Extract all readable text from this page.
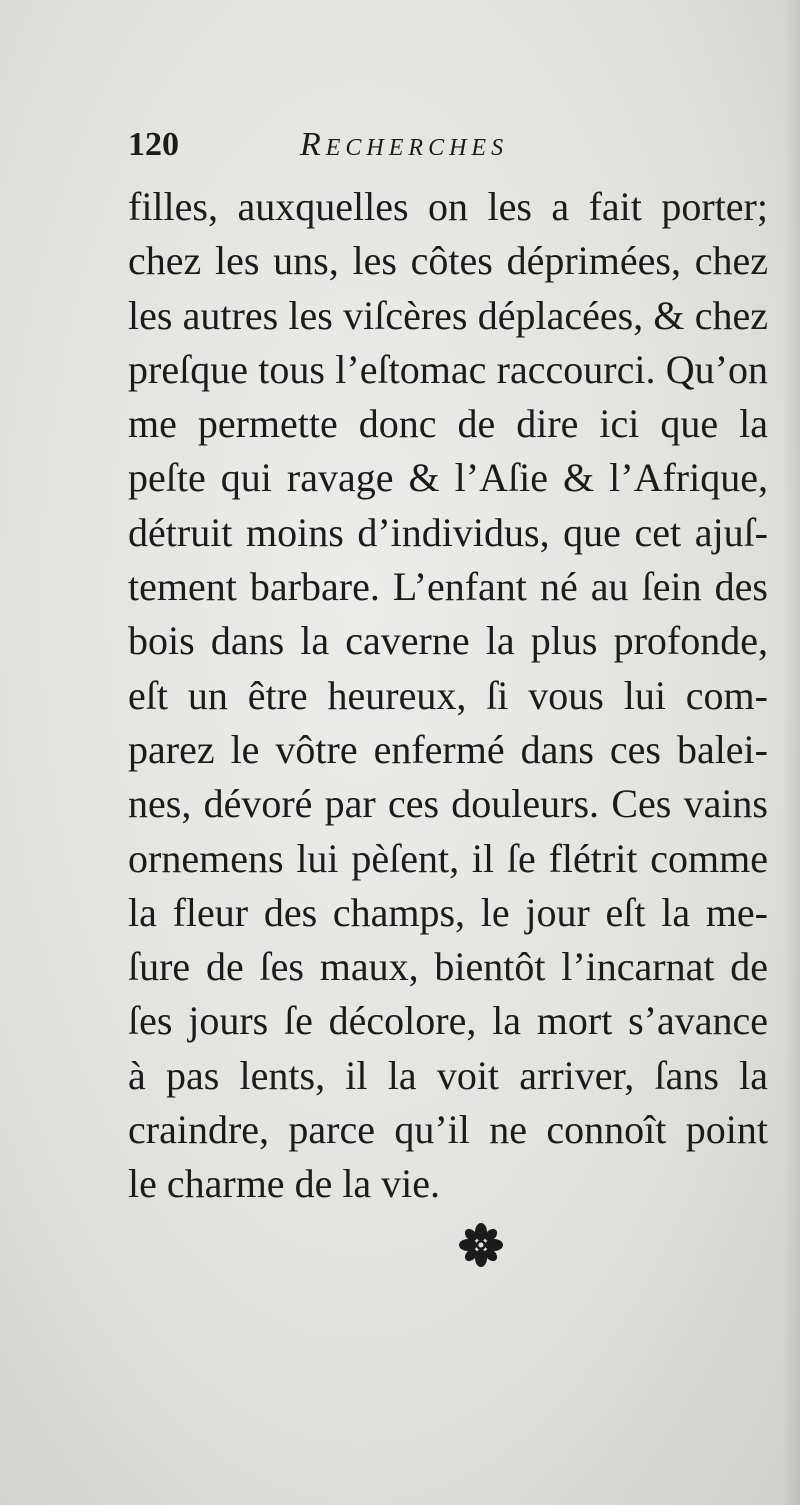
120	Recherches
filles, auxquelles on les a fait porter;
chez les uns, les côtes déprimées, chez
les autres les viſcères déplacées, & chez
preſque tous l’eſtomac raccourci. Qu’on
me permette donc de dire ici que la
peſte qui ravage & l’Aſie & l’Afrique,
détruit moins d’individus, que cet ajuſ-
tement barbare. L’enfant né au ſein des
bois dans la caverne la plus profonde,
eſt un être heureux, ſi vous lui com-
parez le vôtre enfermé dans ces balei-
nes, dévoré par ces douleurs. Ces vains
ornemens lui pèſent, il ſe flétrit comme
la fleur des champs, le jour eſt la me-
ſure de ſes maux, bientôt l’incarnat de
ſes jours ſe décolore, la mort s’avance
à pas lents, il la voit arriver, ſans la
craindre, parce qu’il ne connoît point
le charme de la vie.
